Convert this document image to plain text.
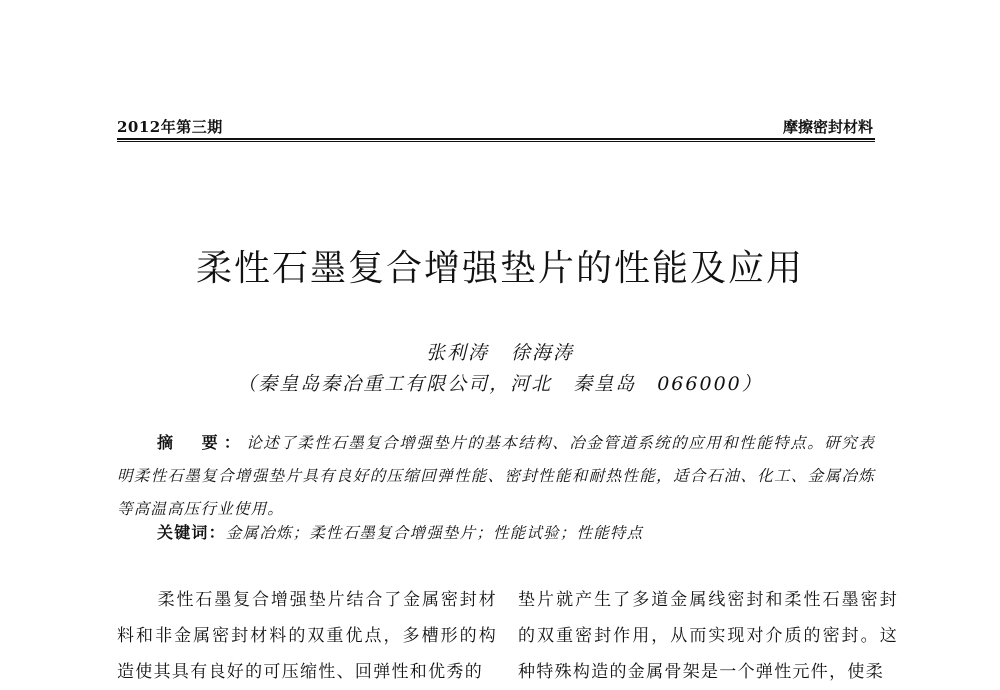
2012年第三期	摩擦密封材料
柔性石墨复合增强垫片的性能及应用
张利涛 徐海涛
（秦皇岛秦冶重工有限公司，河北　秦皇岛　066000）
摘　要：论述了柔性石墨复合增强垫片的基本结构、冶金管道系统的应用和性能特点。研究表明柔性石墨复合增强垫片具有良好的压缩回弹性能、密封性能和耐热性能，适合石油、化工、金属冶炼等高温高压行业使用。
关键词：金属冶炼；柔性石墨复合增强垫片；性能试验；性能特点
柔性石墨复合增强垫片结合了金属密封材料和非金属密封材料的双重优点，多槽形的构造使其具有良好的可压缩性、回弹性和优秀的
垫片就产生了多道金属线密封和柔性石墨密封的双重密封作用，从而实现对介质的密封。这种特殊构造的金属骨架是一个弹性元件，使柔
